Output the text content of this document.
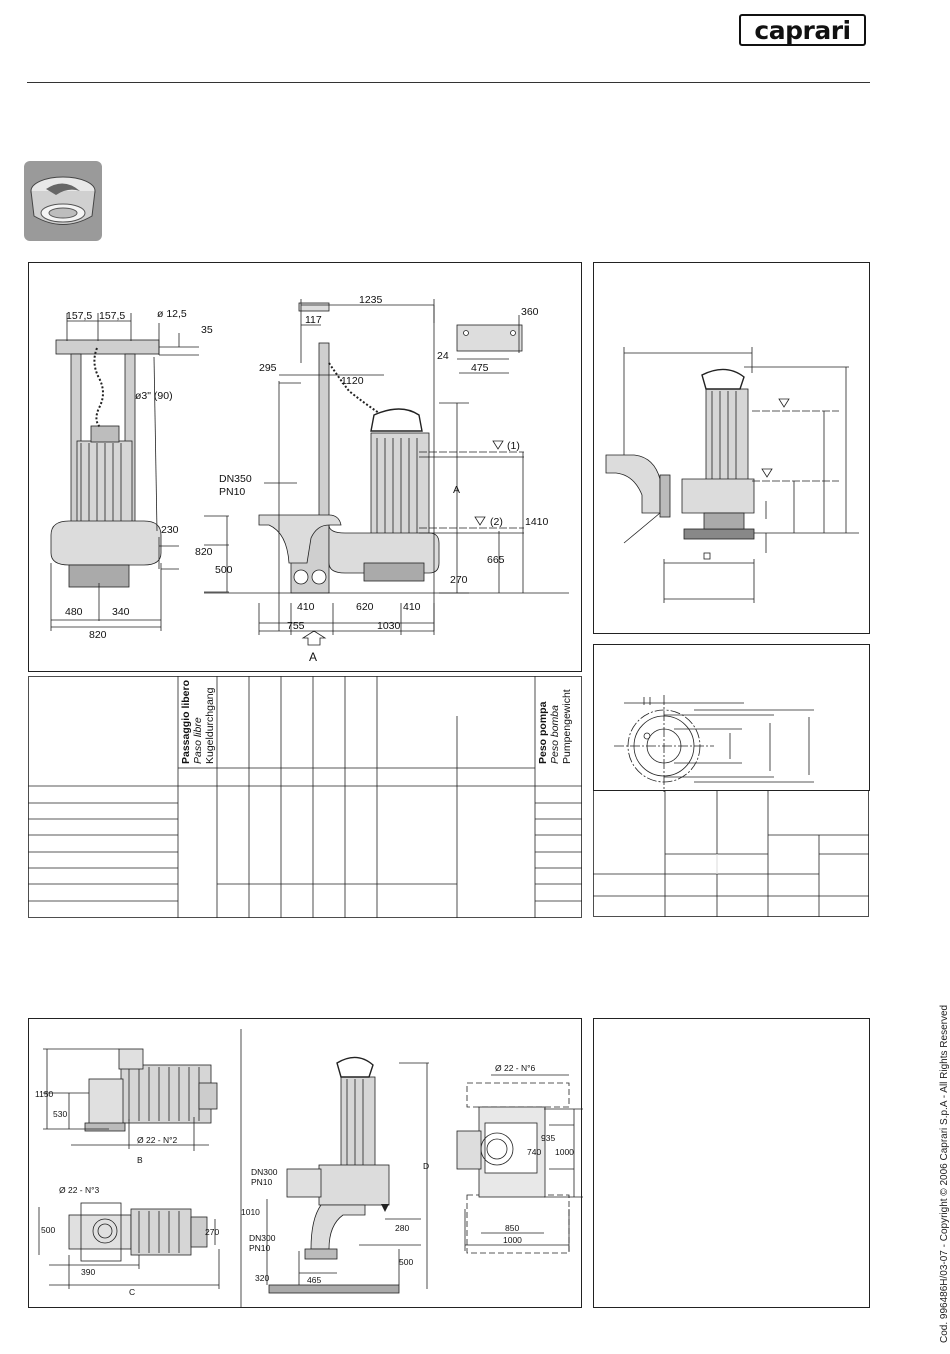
caprari
157,5 157,5	ø 12,5
35
ø3" (90)
230
480	340
820
1235
117
360
24
475
295
1120
DN350
PN10
820
500
A
(1)
(2) 1410
665
270
410	620	410
755	1030
A
Passaggio libero Paso libre Kugeldurchgang	Peso pompa Peso bomba Pumpengewicht
1150
530
Ø 22 - N°2
B
Ø 22 - N°3
500	270
390
C
DN300
PN10
1010
DN300
PN10
320	465
280
500
D
Ø 22 - N°6
935
740 1000
850
1000	Cod. 996486H/03-07 - Copyright © 2006 Caprari S.p.A - All Rights Reserved
